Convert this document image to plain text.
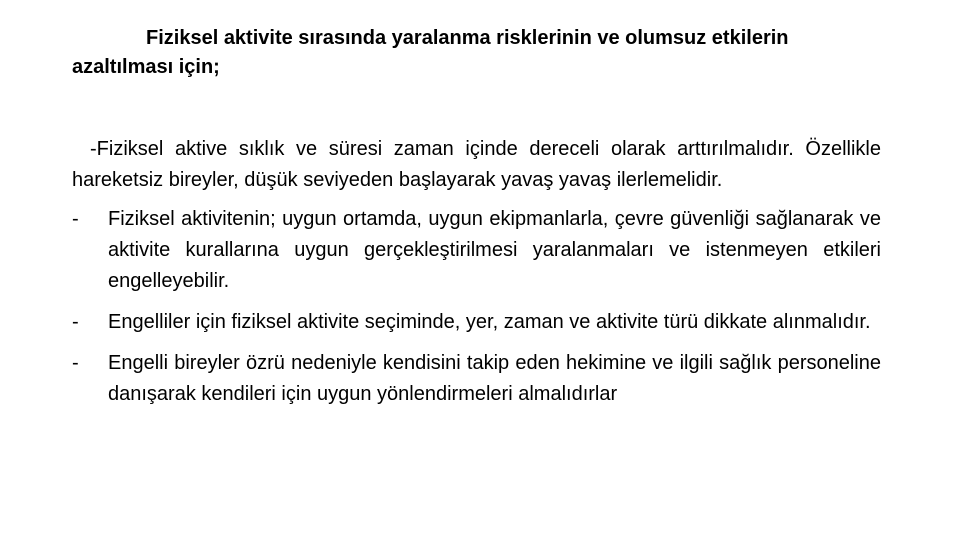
Fiziksel aktivite sırasında yaralanma risklerinin ve olumsuz etkilerin azaltılması için;

-Fiziksel aktive sıklık ve süresi zaman içinde dereceli olarak arttırılmalıdır. Özellikle hareketsiz bireyler, düşük seviyeden başlayarak yavaş yavaş ilerlemelidir.

- Fiziksel aktivitenin; uygun ortamda, uygun ekipmanlarla, çevre güvenliği sağlanarak ve aktivite kurallarına uygun gerçekleştirilmesi yaralanmaları ve istenmeyen etkileri engelleyebilir.
- Engelliler için fiziksel aktivite seçiminde, yer, zaman ve aktivite türü dikkate alınmalıdır.
- Engelli bireyler özrü nedeniyle kendisini takip eden hekimine ve ilgili sağlık personeline danışarak kendileri için uygun yönlendirmeleri almalıdırlar
